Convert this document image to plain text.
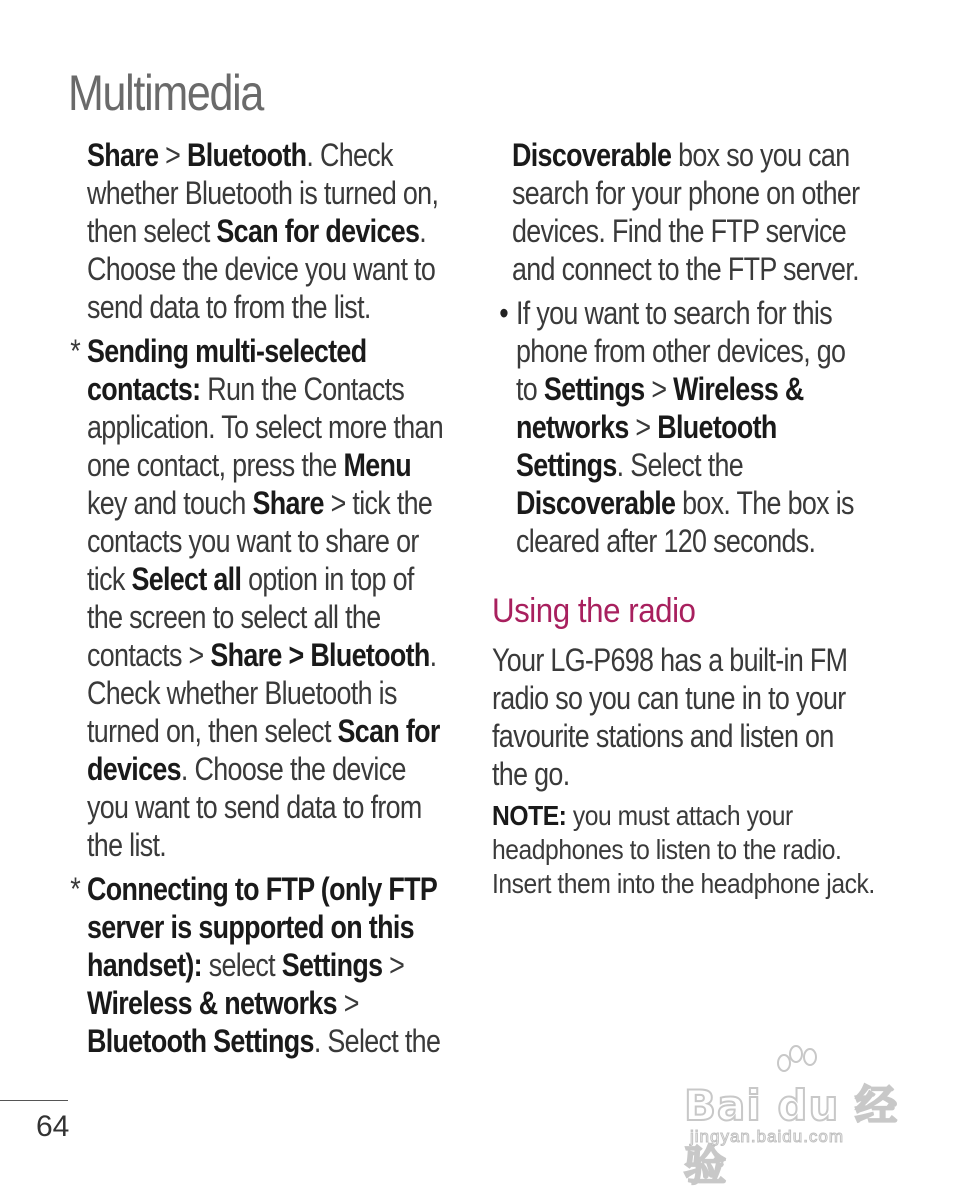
Multimedia
Share > Bluetooth. Check whether Bluetooth is turned on, then select Scan for devices. Choose the device you want to send data to from the list.
* Sending multi-selected contacts: Run the Contacts application. To select more than one contact, press the Menu key and touch Share > tick the contacts you want to share or tick Select all option in top of the screen to select all the contacts > Share > Bluetooth. Check whether Bluetooth is turned on, then select Scan for devices. Choose the device you want to send data to from the list.
* Connecting to FTP (only FTP server is supported on this handset): select Settings > Wireless & networks > Bluetooth Settings. Select the
Discoverable box so you can search for your phone on other devices. Find the FTP service and connect to the FTP server.
• If you want to search for this phone from other devices, go to Settings > Wireless & networks > Bluetooth Settings. Select the Discoverable box. The box is cleared after 120 seconds.
Using the radio
Your LG-P698 has a built-in FM radio so you can tune in to your favourite stations and listen on the go.
NOTE: you must attach your headphones to listen to the radio. Insert them into the headphone jack.
64	Bai du 经验
jingyan.baidu.com
